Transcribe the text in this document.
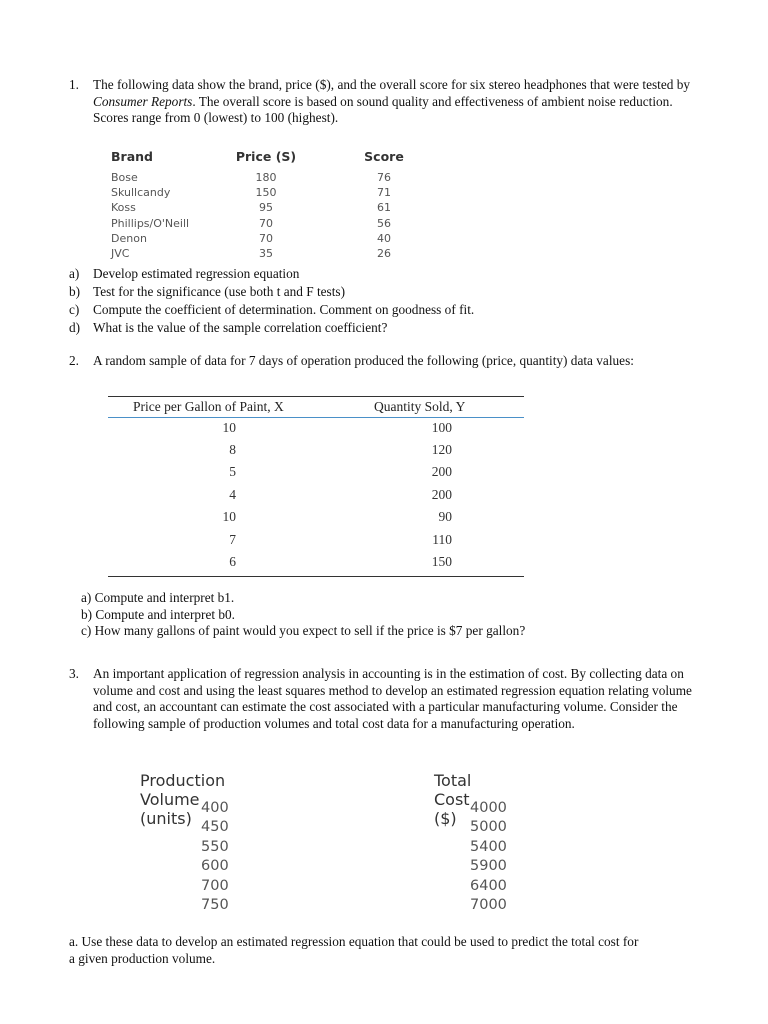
1. The following data show the brand, price ($), and the overall score for six stereo headphones that were tested by Consumer Reports. The overall score is based on sound quality and effectiveness of ambient noise reduction. Scores range from 0 (lowest) to 100 (highest).
Brand	Price (S)	Score
Bose	180	76
Skullcandy	150	71
Koss	95	61
Phillips/O'Neill	70	56
Denon	70	40
JVC	35	26
a)	Develop estimated regression equation
b) Test for the significance (use both t and F tests)
c)	Compute the coefficient of determination. Comment on goodness of fit.
d) What is the value of the sample correlation coefficient?
2. A random sample of data for 7 days of operation produced the following (price, quantity) data values:
Price per Gallon of Paint, X	Quantity Sold, Y
10	100
8	120
5	200
4	200
10	90
7	110
6	150
a) Compute and interpret b1.
b) Compute and interpret b0.
c) How many gallons of paint would you expect to sell if the price is $7 per gallon?
3. An important application of regression analysis in accounting is in the estimation of cost. By collecting data on volume and cost and using the least squares method to develop an estimated regression equation relating volume and cost, an accountant can estimate the cost associated with a particular manufacturing volume. Consider the following sample of production volumes and total cost data for a manufacturing operation.
Production Volume (units)
Total Cost ($)
400	4000
450	5000
550	5400
600	5900
700	6400
750	7000
a. Use these data to develop an estimated regression equation that could be used to predict the total cost for a given production volume.
